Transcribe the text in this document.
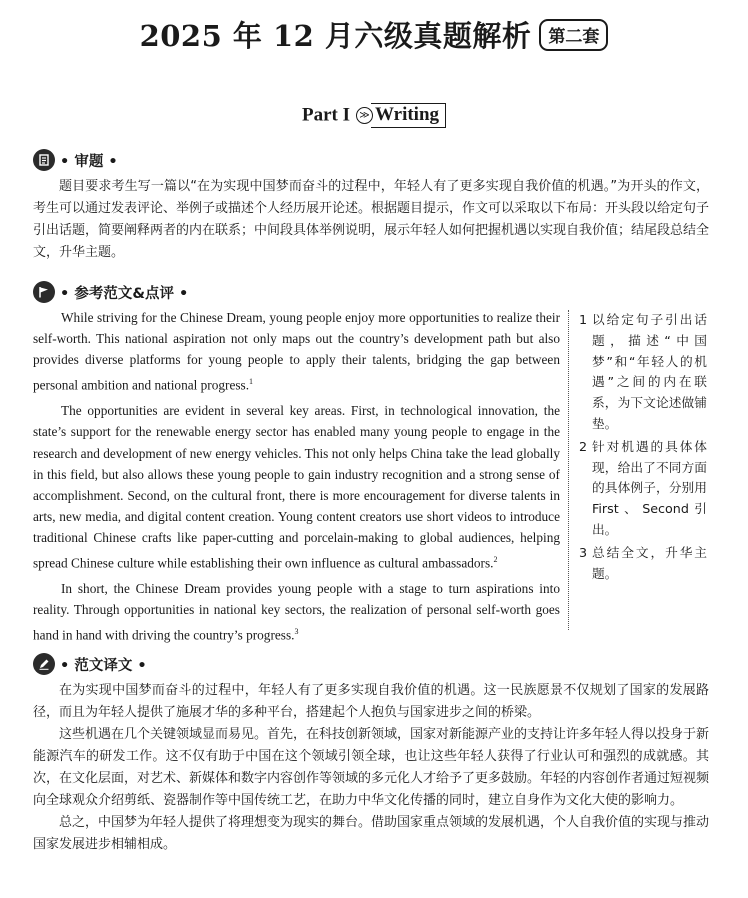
2025 年 12 月六级真题解析 第二套
Part I ≫ Writing
• 审题 •

题目要求考生写一篇以“在为实现中国梦而奋斗的过程中，年轻人有了更多实现自我价值的机遇。”为开头的作文，考生可以通过发表评论、举例子或描述个人经历展开论述。根据题目提示，作文可以采取以下布局：开头段以给定句子引出话题，简要阐释两者的内在联系；中间段具体举例说明，展示年轻人如何把握机遇以实现自我价值；结尾段总结全文，升华主题。

• 参考范文&点评 •

While striving for the Chinese Dream, young people enjoy more opportunities to realize their self-worth. This national aspiration not only maps out the country’s development path but also provides diverse platforms for young people to apply their talents, bridging the gap between personal ambition and national progress.$^1$

The opportunities are evident in several key areas. First, in technological innovation, the state’s support for the renewable energy sector has enabled many young people to engage in the research and development of new energy vehicles. This not only helps China take the lead globally in this field, but also allows these young people to gain industry recognition and a strong sense of accomplishment. Second, on the cultural front, there is more encouragement for diverse talents in arts, new media, and digital content creation. Young content creators use short videos to introduce traditional Chinese crafts like paper-cutting and porcelain-making to global audiences, helping spread Chinese culture while establishing their own influence as cultural ambassadors.$^2$

In short, the Chinese Dream provides young people with a stage to turn aspirations into reality. Through opportunities in national key sectors, the realization of personal self-worth goes hand in hand with driving the country’s progress.$^3$

1 以给定句子引出话题，描述“中国梦”和“年轻人的机遇”之间的内在联系，为下文论述做铺垫。
2 针对机遇的具体体现，给出了不同方面的具体例子，分别用First、Second引出。
3 总结全文，升华主题。
• 范文译文 •

在为实现中国梦而奋斗的过程中，年轻人有了更多实现自我价值的机遇。这一民族愿景不仅规划了国家的发展路径，而且为年轻人提供了施展才华的多种平台，搭建起个人抱负与国家进步之间的桥梁。

这些机遇在几个关键领域显而易见。首先，在科技创新领域，国家对新能源产业的支持让许多年轻人得以投身于新能源汽车的研发工作。这不仅有助于中国在这个领域引领全球，也让这些年轻人获得了行业认可和强烈的成就感。其次，在文化层面，对艺术、新媒体和数字内容创作等领域的多元化人才给予了更多鼓励。年轻的内容创作者通过短视频向全球观众介绍剪纸、瓷器制作等中国传统工艺，在助力中华文化传播的同时，建立自身作为文化大使的影响力。

总之，中国梦为年轻人提供了将理想变为现实的舞台。借助国家重点领域的发展机遇，个人自我价值的实现与推动国家发展进步相辅相成。
